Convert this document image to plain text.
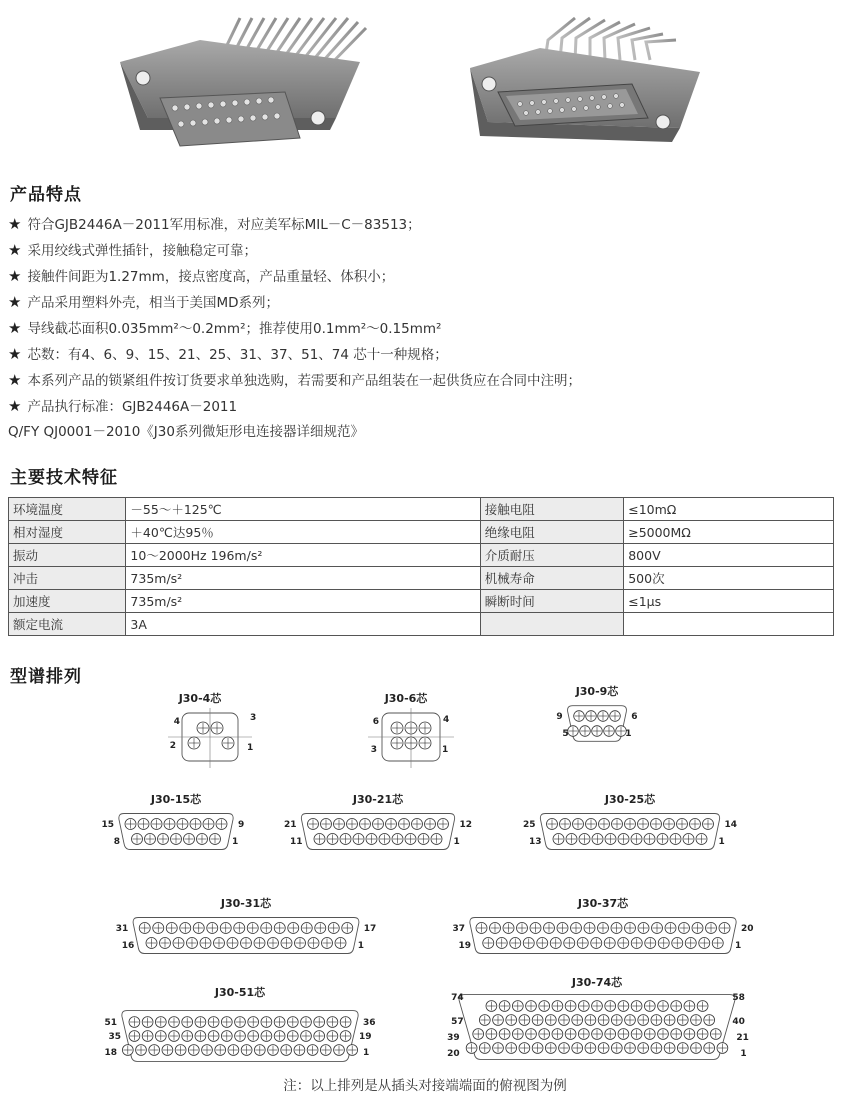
产品特点
★ 符合GJB2446A－2011军用标准，对应美军标MIL－C－83513；
★ 采用绞线式弹性插针，接触稳定可靠；
★ 接触件间距为1.27mm，接点密度高，产品重量轻、体积小；
★ 产品采用塑料外壳，相当于美国MD系列；
★ 导线截芯面积0.035mm²～0.2mm²；推荐使用0.1mm²～0.15mm²
★ 芯数：有4、6、9、15、21、25、31、37、51、74 芯十一种规格；
★ 本系列产品的锁紧组件按订货要求单独选购，若需要和产品组装在一起供货应在合同中注明；
★ 产品执行标准：GJB2446A－2011
Q/FY QJ0001－2010《J30系列微矩形电连接器详细规范》
主要技术特征
环境温度	－55～＋125℃	接触电阻	≤10mΩ
相对湿度	＋40℃达95％	绝缘电阻	≥5000MΩ
振动	10～2000Hz 196m/s²	介质耐压	800V
冲击	735m/s²	机械寿命	500次
加速度	735m/s²	瞬断时间	≤1μs
额定电流	3A		
型谱排列
J30-4芯
4	3
2	1
J30-6芯
6	4
3	1
J30-9芯
9	6
5	1
J30-15芯
15	9
8	1
J30-21芯
21	12
11	1
J30-25芯
25	14
13	1
J30-31芯
31	17
16	1
J30-37芯
37	20
19	1
J30-51芯
51	36
35	19
18	1
J30-74芯
74	58
57	40
39	21
20	1
注：以上排列是从插头对接端端面的俯视图为例
